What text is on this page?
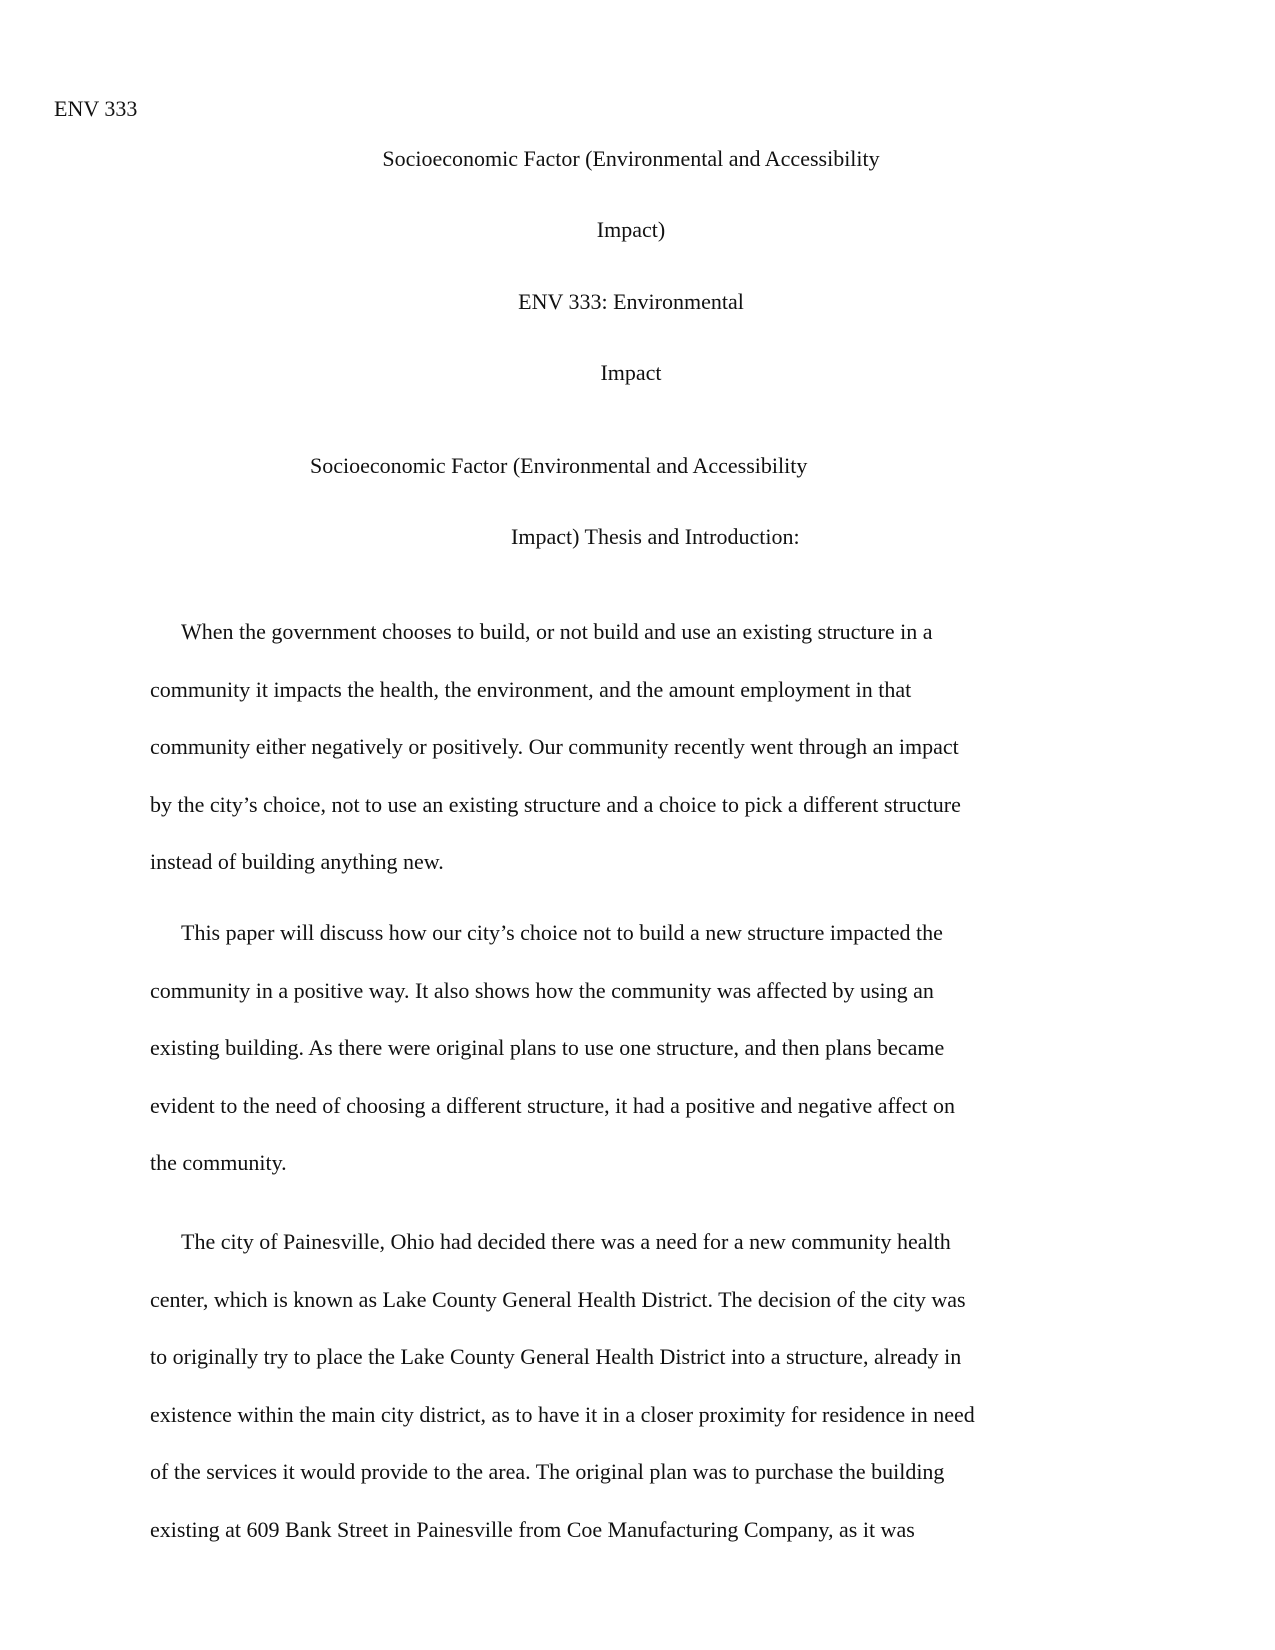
ENV 333

Socioeconomic Factor (Environmental and Accessibility

Impact)

ENV 333: Environmental

Impact

Socioeconomic Factor (Environmental and Accessibility

Impact) Thesis and Introduction:

When the government chooses to build, or not build and use an existing structure in a
community it impacts the health, the environment, and the amount employment in that
community either negatively or positively. Our community recently went through an impact
by the city’s choice, not to use an existing structure and a choice to pick a different structure
instead of building anything new.
This paper will discuss how our city’s choice not to build a new structure impacted the
community in a positive way. It also shows how the community was affected by using an
existing building. As there were original plans to use one structure, and then plans became
evident to the need of choosing a different structure, it had a positive and negative affect on
the community.
The city of Painesville, Ohio had decided there was a need for a new community health
center, which is known as Lake County General Health District. The decision of the city was
to originally try to place the Lake County General Health District into a structure, already in
existence within the main city district, as to have it in a closer proximity for residence in need
of the services it would provide to the area. The original plan was to purchase the building
existing at 609 Bank Street in Painesville from Coe Manufacturing Company, as it was
